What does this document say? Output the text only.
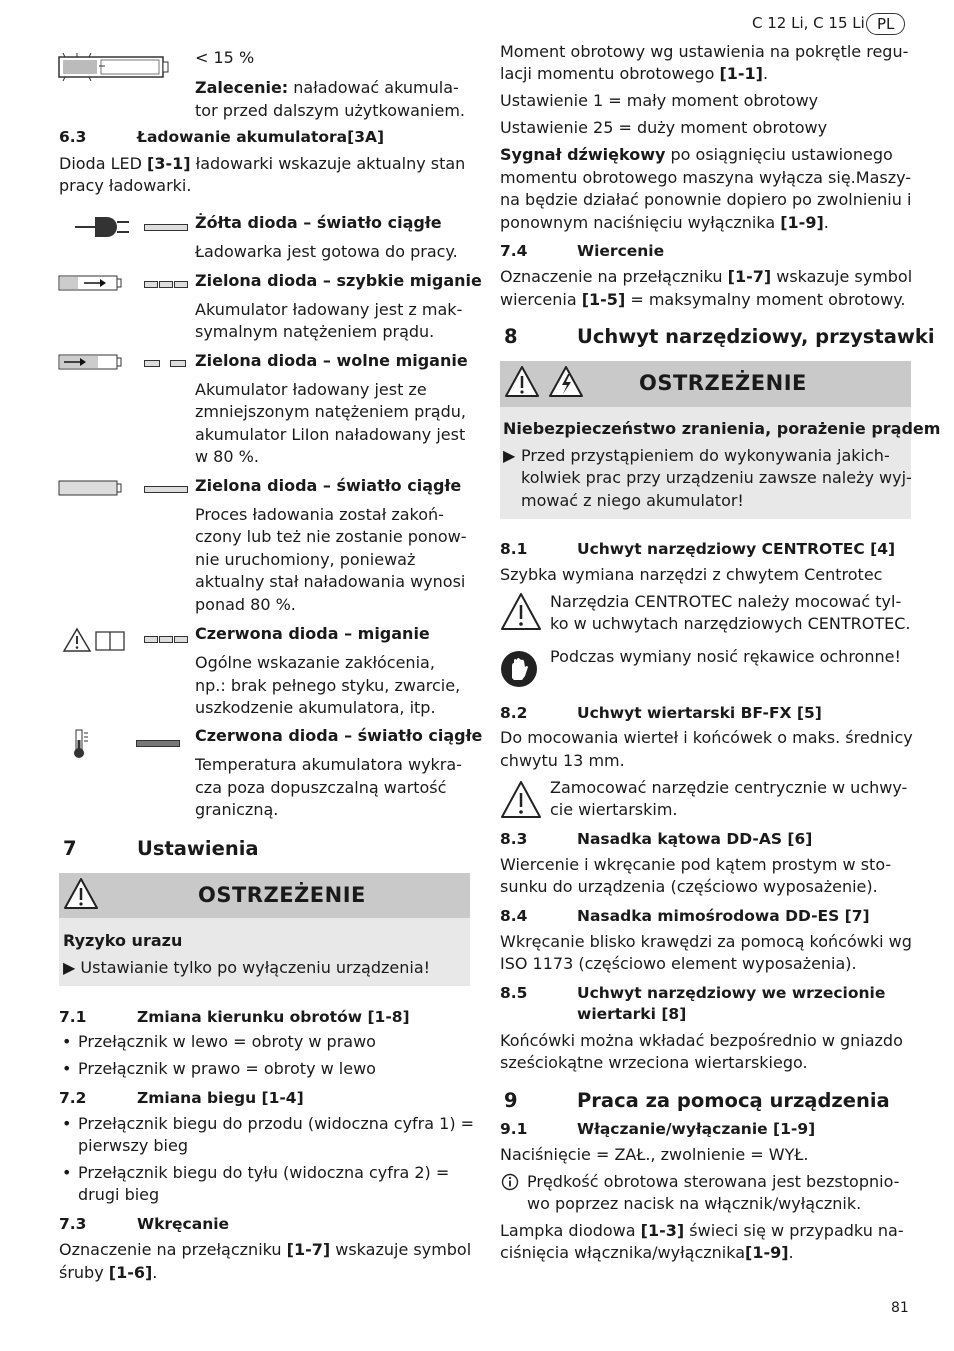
C 12 Li, C 15 Li PL
< 15 %
Zalecenie: naładować akumula-
tor przed dalszym użytkowaniem.
6.3	Ładowanie akumulatora[3A]
Dioda LED [3-1] ładowarki wskazuje aktualny stan
pracy ładowarki.
Żółta dioda – światło ciągłe
Ładowarka jest gotowa do pracy.
Zielona dioda – szybkie miganie
Akumulator ładowany jest z mak-
symalnym natężeniem prądu.
Zielona dioda – wolne miganie
Akumulator ładowany jest ze
zmniejszonym natężeniem prądu,
akumulator LiIon naładowany jest
w 80 %.
Zielona dioda – światło ciągłe
Proces ładowania został zakoń-
czony lub też nie zostanie ponow-
nie uruchomiony, ponieważ
aktualny stał naładowania wynosi
ponad 80 %.
Czerwona dioda – miganie
Ogólne wskazanie zakłócenia,
np.: brak pełnego styku, zwarcie,
uszkodzenie akumulatora, itp.
Czerwona dioda – światło ciągłe
Temperatura akumulatora wykra-
cza poza dopuszczalną wartość
graniczną.
7	Ustawienia
OSTRZEŻENIE
Ryzyko urazu
▶ Ustawianie tylko po wyłączeniu urządzenia!
7.1	Zmiana kierunku obrotów [1-8]
• Przełącznik w lewo = obroty w prawo
• Przełącznik w prawo = obroty w lewo
7.2	Zmiana biegu [1-4]
• Przełącznik biegu do przodu (widoczna cyfra 1) =
pierwszy bieg
• Przełącznik biegu do tyłu (widoczna cyfra 2) =
drugi bieg
7.3	Wkręcanie
Oznaczenie na przełączniku [1-7] wskazuje symbol
śruby [1-6].
Moment obrotowy wg ustawienia na pokrętle regu-
lacji momentu obrotowego [1-1].
Ustawienie 1 = mały moment obrotowy
Ustawienie 25 = duży moment obrotowy
Sygnał dźwiękowy po osiągnięciu ustawionego
momentu obrotowego maszyna wyłącza się.Maszy-
na będzie działać ponownie dopiero po zwolnieniu i
ponownym naciśnięciu wyłącznika [1-9].
7.4	Wiercenie
Oznaczenie na przełączniku [1-7] wskazuje symbol
wiercenia [1-5] = maksymalny moment obrotowy.
8	Uchwyt narzędziowy, przystawki
OSTRZEŻENIE
Niebezpieczeństwo zranienia, porażenie prądem
▶ Przed przystąpieniem do wykonywania jakich-
kolwiek prac przy urządzeniu zawsze należy wyj-
mować z niego akumulator!
8.1	Uchwyt narzędziowy CENTROTEC [4]
Szybka wymiana narzędzi z chwytem Centrotec
Narzędzia CENTROTEC należy mocować tyl-
ko w uchwytach narzędziowych CENTROTEC.
Podczas wymiany nosić rękawice ochronne!
8.2	Uchwyt wiertarski BF-FX [5]
Do mocowania wierteł i końcówek o maks. średnicy
chwytu 13 mm.
Zamocować narzędzie centrycznie w uchwy-
cie wiertarskim.
8.3	Nasadka kątowa DD-AS [6]
Wiercenie i wkręcanie pod kątem prostym w sto-
sunku do urządzenia (częściowo wyposażenie).
8.4	Nasadka mimośrodowa DD-ES [7]
Wkręcanie blisko krawędzi za pomocą końcówki wg
ISO 1173 (częściowo element wyposażenia).
8.5	Uchwyt narzędziowy we wrzecionie
wiertarki [8]
Końcówki można wkładać bezpośrednio w gniazdo
sześciokątne wrzeciona wiertarskiego.
9	Praca za pomocą urządzenia
9.1	Włączanie/wyłączanie [1-9]
Naciśnięcie = ZAŁ., zwolnienie = WYŁ.
Prędkość obrotowa sterowana jest bezstopnio-
wo poprzez nacisk na włącznik/wyłącznik.
Lampka diodowa [1-3] świeci się w przypadku na-
ciśnięcia włącznika/wyłącznika[1-9].
81
